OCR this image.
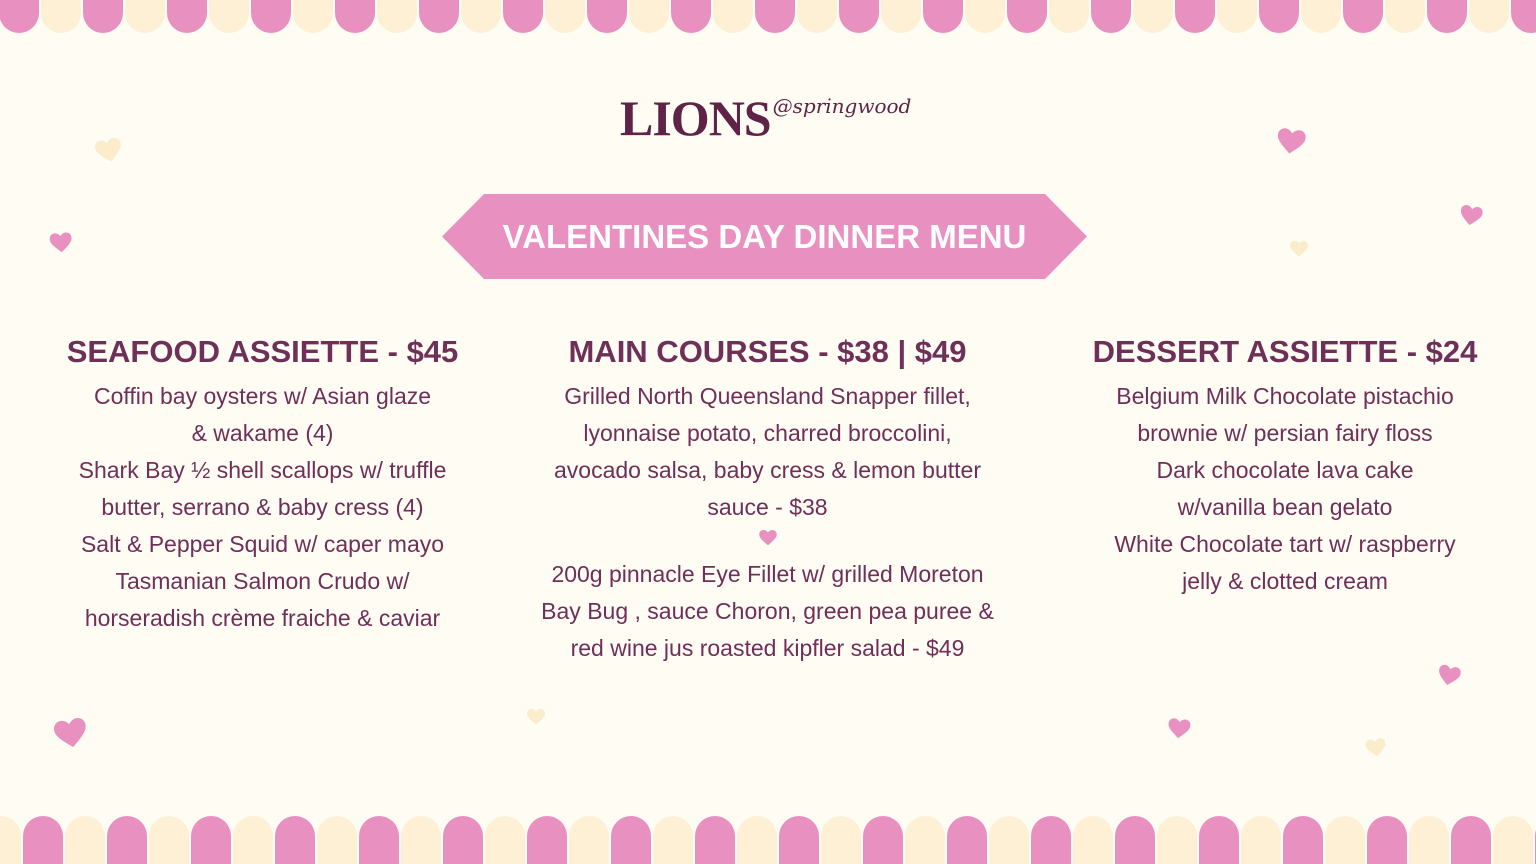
LIONS @springwood
VALENTINES DAY DINNER MENU
SEAFOOD ASSIETTE - $45

Coffin bay oysters w/ Asian glaze

& wakame (4)

Shark Bay ½ shell scallops w/ truffle

butter, serrano & baby cress (4)

Salt & Pepper Squid w/ caper mayo

Tasmanian Salmon Crudo w/

horseradish crème fraiche & caviar

MAIN COURSES - $38 | $49

Grilled North Queensland Snapper fillet,

lyonnaise potato, charred broccolini,

avocado salsa, baby cress & lemon butter

sauce - $38

200g pinnacle Eye Fillet w/ grilled Moreton

Bay Bug , sauce Choron, green pea puree &

red wine jus roasted kipfler salad - $49

DESSERT ASSIETTE - $24

Belgium Milk Chocolate pistachio

brownie w/ persian fairy floss

Dark chocolate lava cake

w/vanilla bean gelato

White Chocolate tart w/ raspberry

jelly & clotted cream
